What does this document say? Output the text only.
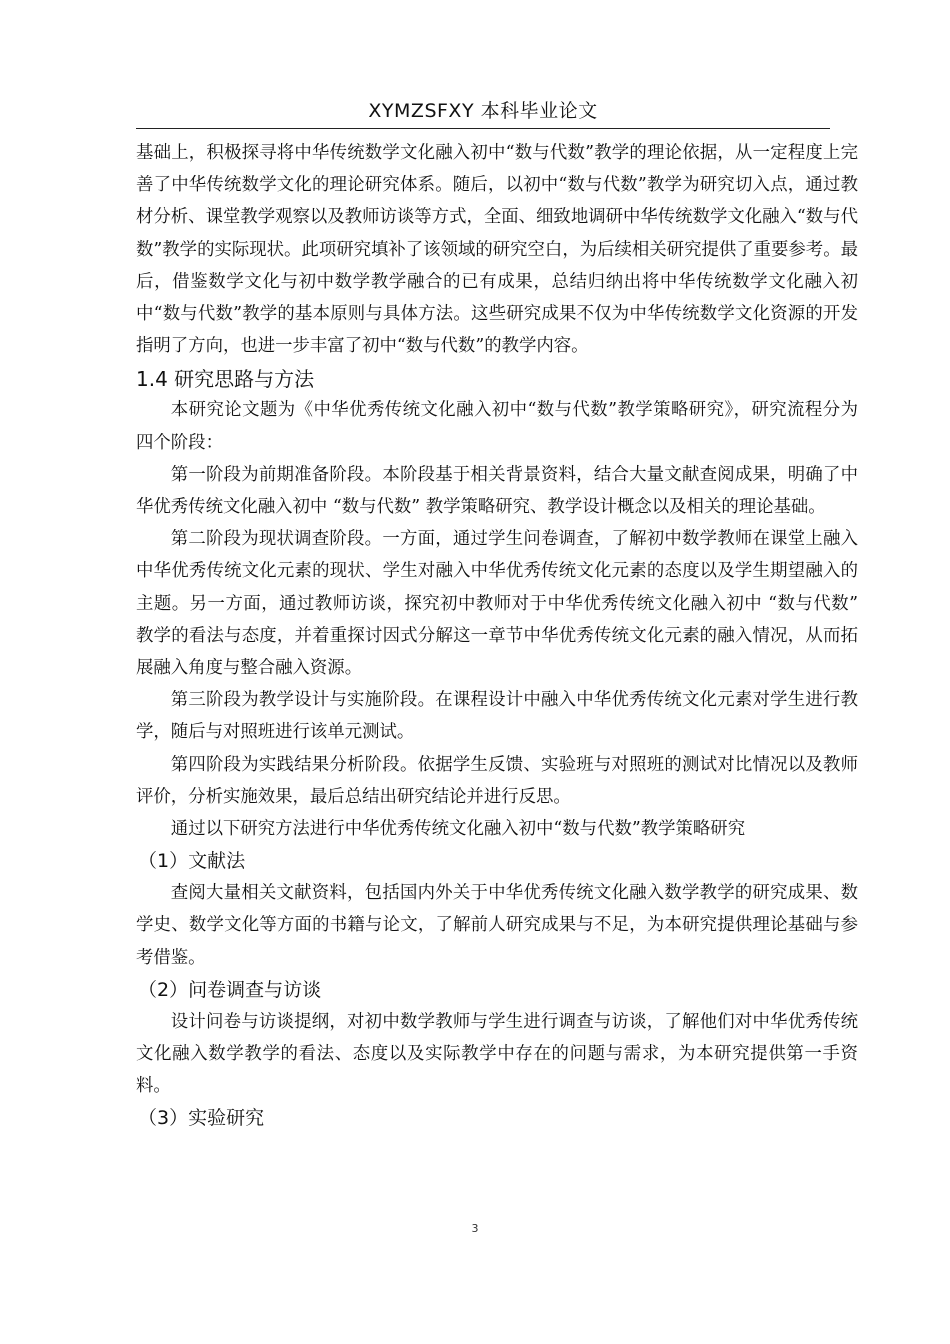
XYMZSFXY 本科毕业论文

基础上，积极探寻将中华传统数学文化融入初中“数与代数”教学的理论依据，从一定程度上完善了中华传统数学文化的理论研究体系。随后，以初中“数与代数”教学为研究切入点，通过教材分析、课堂教学观察以及教师访谈等方式，全面、细致地调研中华传统数学文化融入“数与代数”教学的实际现状。此项研究填补了该领域的研究空白，为后续相关研究提供了重要参考。最后，借鉴数学文化与初中数学教学融合的已有成果，总结归纳出将中华传统数学文化融入初中“数与代数”教学的基本原则与具体方法。这些研究成果不仅为中华传统数学文化资源的开发指明了方向，也进一步丰富了初中“数与代数”的教学内容。

1.4 研究思路与方法

本研究论文题为《中华优秀传统文化融入初中“数与代数”教学策略研究》，研究流程分为四个阶段：

第一阶段为前期准备阶段。本阶段基于相关背景资料，结合大量文献查阅成果，明确了中华优秀传统文化融入初中 “数与代数” 教学策略研究、教学设计概念以及相关的理论基础。

第二阶段为现状调查阶段。一方面，通过学生问卷调查，了解初中数学教师在课堂上融入中华优秀传统文化元素的现状、学生对融入中华优秀传统文化元素的态度以及学生期望融入的主题。另一方面，通过教师访谈，探究初中教师对于中华优秀传统文化融入初中 “数与代数” 教学的看法与态度，并着重探讨因式分解这一章节中华优秀传统文化元素的融入情况，从而拓展融入角度与整合融入资源。

第三阶段为教学设计与实施阶段。在课程设计中融入中华优秀传统文化元素对学生进行教学，随后与对照班进行该单元测试。

第四阶段为实践结果分析阶段。依据学生反馈、实验班与对照班的测试对比情况以及教师评价，分析实施效果，最后总结出研究结论并进行反思。

通过以下研究方法进行中华优秀传统文化融入初中“数与代数”教学策略研究

（1）文献法

查阅大量相关文献资料，包括国内外关于中华优秀传统文化融入数学教学的研究成果、数学史、数学文化等方面的书籍与论文，了解前人研究成果与不足，为本研究提供理论基础与参考借鉴。

（2）问卷调查与访谈

设计问卷与访谈提纲，对初中数学教师与学生进行调查与访谈，了解他们对中华优秀传统文化融入数学教学的看法、态度以及实际教学中存在的问题与需求，为本研究提供第一手资料。

（3）实验研究
3
